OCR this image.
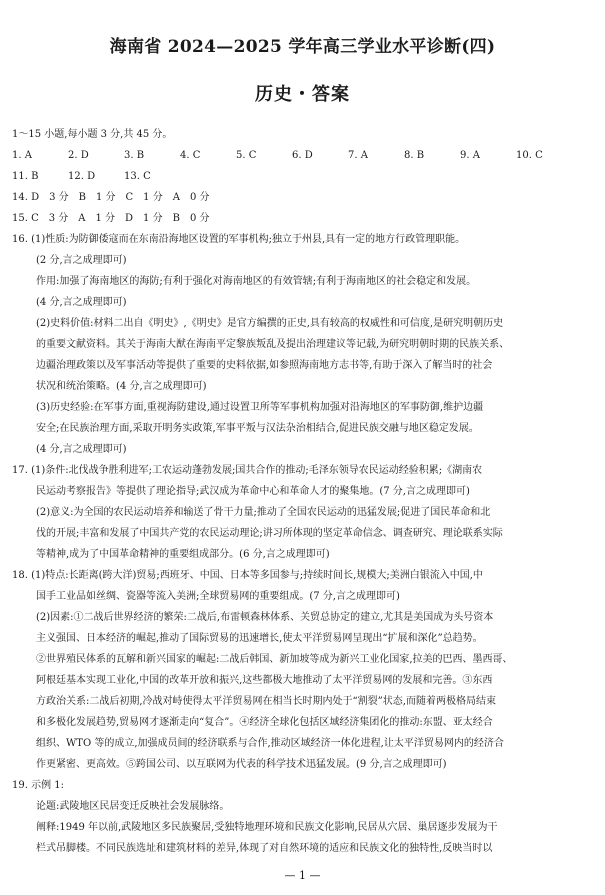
海南省 2024—2025 学年高三学业水平诊断(四)
历史・答案
1～15 小题,每小题 3 分,共 45 分。
1. A	2. D	3. B	4. C	5. C	6. D	7. A	8. B	9. A	10. C
11. B	12. D	13. C
14. D　3 分　B　1 分　C　1 分　A　0 分
15. C　3 分　A　1 分　D　1 分　B　0 分
16. (1)性质:为防御倭寇而在东南沿海地区设置的军事机构;独立于州县,具有一定的地方行政管理职能。
(2 分,言之成理即可)
作用:加强了海南地区的海防;有利于强化对海南地区的有效管辖;有利于海南地区的社会稳定和发展。
(4 分,言之成理即可)
(2)史料价值:材料二出自《明史》,《明史》是官方编撰的正史,具有较高的权威性和可信度,是研究明朝历史
的重要文献资料。其关于海南大猷在海南平定黎族叛乱及提出治理建议等记载,为研究明朝时期的民族关系、
边疆治理政策以及军事活动等提供了重要的史料依据,如参照海南地方志书等,有助于深入了解当时的社会
状况和统治策略。(4 分,言之成理即可)
(3)历史经验:在军事方面,重视海防建设,通过设置卫所等军事机构加强对沿海地区的军事防御,维护边疆
安全;在民族治理方面,采取开明务实政策,军事平叛与汉法杂治相结合,促进民族交融与地区稳定发展。
(4 分,言之成理即可)
17. (1)条件:北伐战争胜利进军;工农运动蓬勃发展;国共合作的推动;毛泽东领导农民运动经验积累;《湖南农
民运动考察报告》等提供了理论指导;武汉成为革命中心和革命人才的聚集地。(7 分,言之成理即可)
(2)意义:为全国的农民运动培养和输送了骨干力量;推动了全国农民运动的迅猛发展;促进了国民革命和北
伐的开展;丰富和发展了中国共产党的农民运动理论;讲习所体现的坚定革命信念、调查研究、理论联系实际
等精神,成为了中国革命精神的重要组成部分。(6 分,言之成理即可)
18. (1)特点:长距离(跨大洋)贸易;西班牙、中国、日本等多国参与;持续时间长,规模大;美洲白银流入中国,中
国手工业品如丝绸、瓷器等流入美洲;全球贸易网的重要组成。(7 分,言之成理即可)
(2)因素:①二战后世界经济的繁荣:二战后,布雷顿森林体系、关贸总协定的建立,尤其是美国成为头号资本
主义强国、日本经济的崛起,推动了国际贸易的迅速增长,使太平洋贸易网呈现出“扩展和深化”总趋势。
②世界殖民体系的瓦解和新兴国家的崛起:二战后韩国、新加坡等成为新兴工业化国家,拉美的巴西、墨西哥、
阿根廷基本实现工业化,中国的改革开放和振兴,这些都极大地推动了太平洋贸易网的发展和完善。③东西
方政治关系:二战后初期,冷战对峙使得太平洋贸易网在相当长时期内处于“割裂”状态,而随着两极格局结束
和多极化发展趋势,贸易网才逐渐走向“复合”。④经济全球化包括区域经济集团化的推动:东盟、亚太经合
组织、WTO 等的成立,加强成员间的经济联系与合作,推动区域经济一体化进程,让太平洋贸易网内的经济合
作更紧密、更高效。⑤跨国公司、以互联网为代表的科学技术迅猛发展。(9 分,言之成理即可)
19. 示例 1:
论题:武陵地区民居变迁反映社会发展脉络。
阐释:1949 年以前,武陵地区多民族聚居,受独特地理环境和民族文化影响,民居从穴居、巢居逐步发展为干
栏式吊脚楼。不同民族选址和建筑材料的差异,体现了对自然环境的适应和民族文化的独特性,反映当时以
— 1 —
